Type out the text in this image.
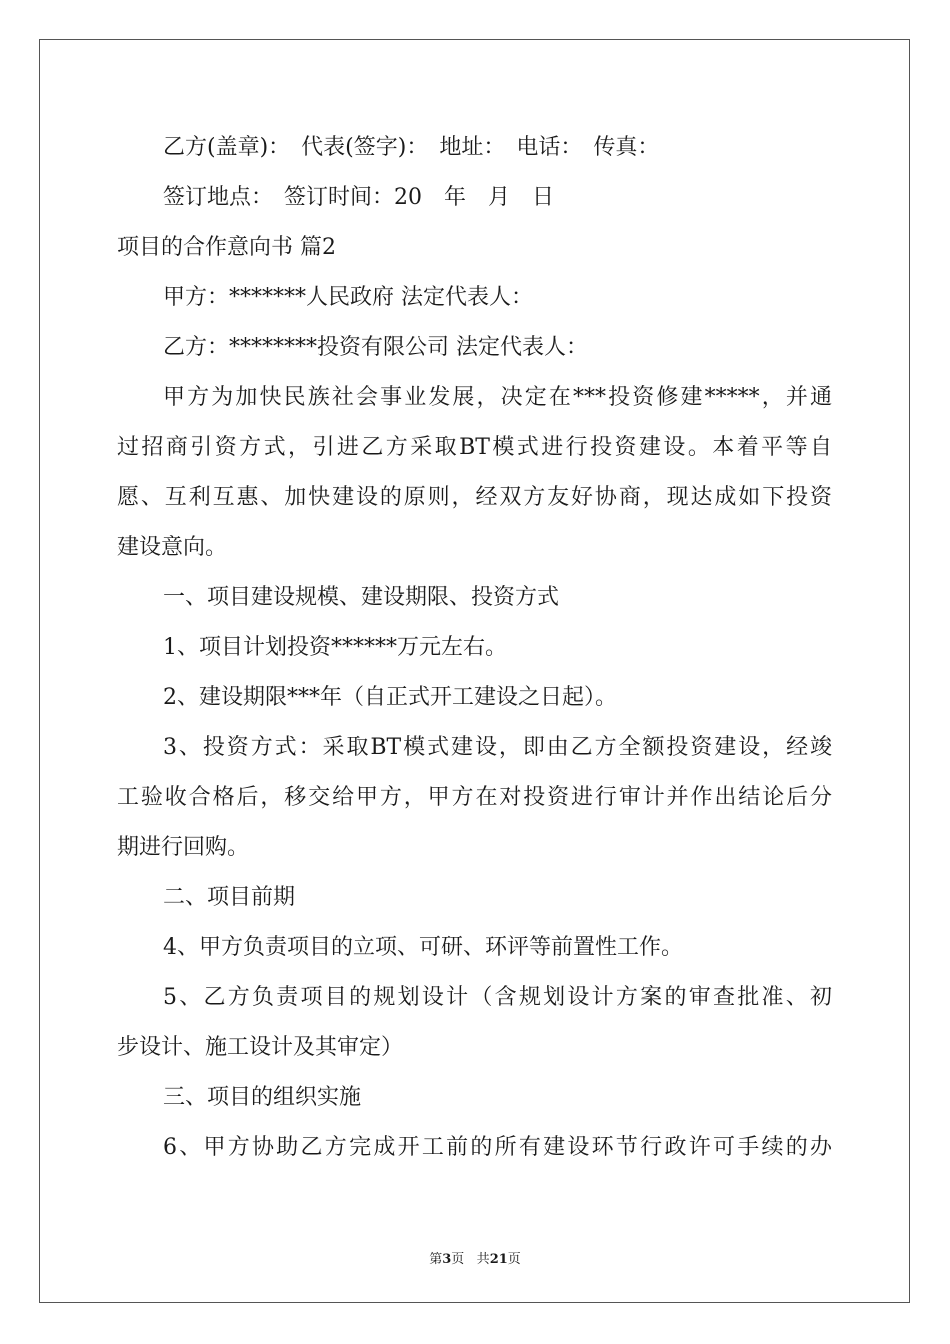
乙方(盖章)：　代表(签字)：　地址：　电话：　传真：

签订地点：　签订时间：20　年　月　日

项目的合作意向书 篇2

甲方：*******人民政府 法定代表人：

乙方：********投资有限公司 法定代表人：

甲方为加快民族社会事业发展，决定在***投资修建*****，并通

过招商引资方式，引进乙方采取BT模式进行投资建设。本着平等自

愿、互利互惠、加快建设的原则，经双方友好协商，现达成如下投资

建设意向。

一、项目建设规模、建设期限、投资方式

1、项目计划投资******万元左右。

2、建设期限***年（自正式开工建设之日起）。

3、投资方式：采取BT模式建设，即由乙方全额投资建设，经竣

工验收合格后，移交给甲方，甲方在对投资进行审计并作出结论后分

期进行回购。

二、项目前期

4、甲方负责项目的立项、可研、环评等前置性工作。

5、乙方负责项目的规划设计（含规划设计方案的审查批准、初

步设计、施工设计及其审定）

三、项目的组织实施

6、甲方协助乙方完成开工前的所有建设环节行政许可手续的办

第3页 共21页
